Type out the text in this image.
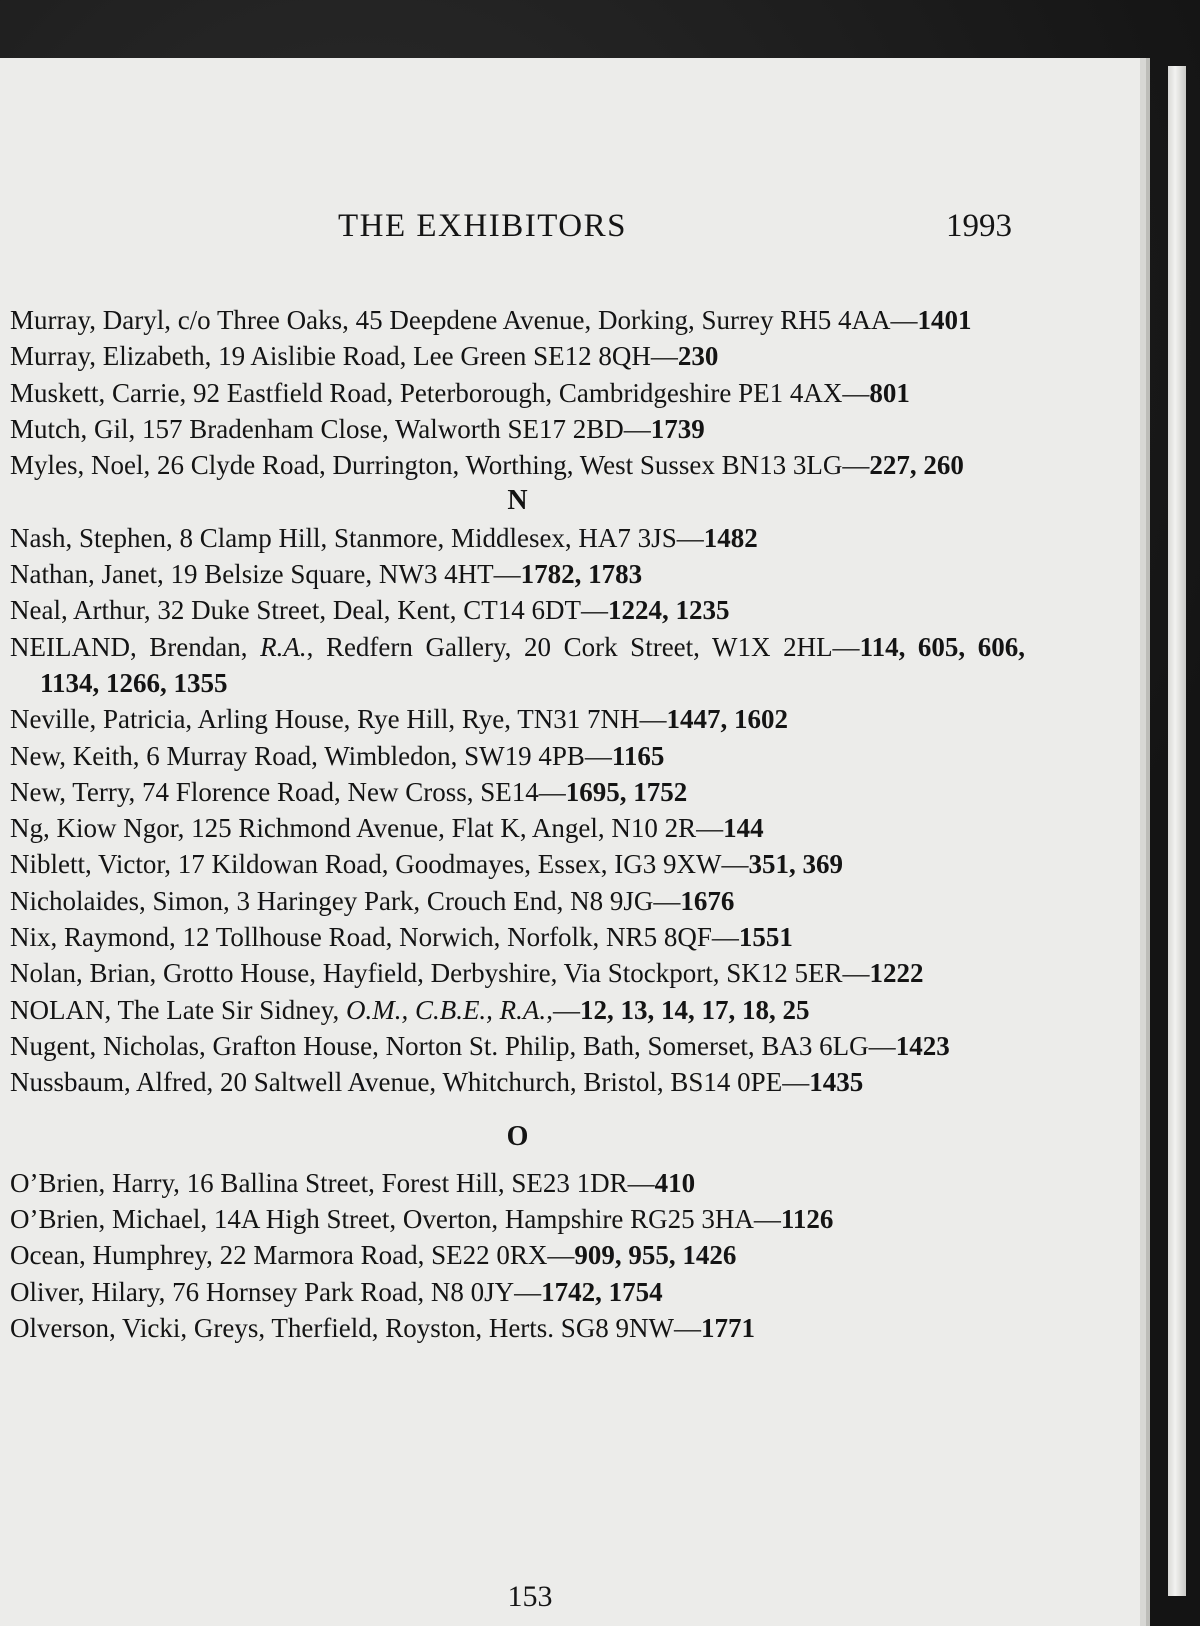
THE EXHIBITORS	1993

Murray, Daryl, c/o Three Oaks, 45 Deepdene Avenue, Dorking, Surrey RH5 4AA—1401

Murray, Elizabeth, 19 Aislibie Road, Lee Green SE12 8QH—230

Muskett, Carrie, 92 Eastfield Road, Peterborough, Cambridgeshire PE1 4AX—801

Mutch, Gil, 157 Bradenham Close, Walworth SE17 2BD—1739

Myles, Noel, 26 Clyde Road, Durrington, Worthing, West Sussex BN13 3LG—227, 260

N

Nash, Stephen, 8 Clamp Hill, Stanmore, Middlesex, HA7 3JS—1482

Nathan, Janet, 19 Belsize Square, NW3 4HT—1782, 1783

Neal, Arthur, 32 Duke Street, Deal, Kent, CT14 6DT—1224, 1235

NEILAND, Brendan, R.A., Redfern Gallery, 20 Cork Street, W1X 2HL—114, 605, 606, 1134, 1266, 1355

Neville, Patricia, Arling House, Rye Hill, Rye, TN31 7NH—1447, 1602

New, Keith, 6 Murray Road, Wimbledon, SW19 4PB—1165

New, Terry, 74 Florence Road, New Cross, SE14—1695, 1752

Ng, Kiow Ngor, 125 Richmond Avenue, Flat K, Angel, N10 2R—144

Niblett, Victor, 17 Kildowan Road, Goodmayes, Essex, IG3 9XW—351, 369

Nicholaides, Simon, 3 Haringey Park, Crouch End, N8 9JG—1676

Nix, Raymond, 12 Tollhouse Road, Norwich, Norfolk, NR5 8QF—1551

Nolan, Brian, Grotto House, Hayfield, Derbyshire, Via Stockport, SK12 5ER—1222

NOLAN, The Late Sir Sidney, O.M., C.B.E., R.A.,—12, 13, 14, 17, 18, 25

Nugent, Nicholas, Grafton House, Norton St. Philip, Bath, Somerset, BA3 6LG—1423

Nussbaum, Alfred, 20 Saltwell Avenue, Whitchurch, Bristol, BS14 0PE—1435

O

O’Brien, Harry, 16 Ballina Street, Forest Hill, SE23 1DR—410

O’Brien, Michael, 14A High Street, Overton, Hampshire RG25 3HA—1126

Ocean, Humphrey, 22 Marmora Road, SE22 0RX—909, 955, 1426

Oliver, Hilary, 76 Hornsey Park Road, N8 0JY—1742, 1754

Olverson, Vicki, Greys, Therfield, Royston, Herts. SG8 9NW—1771

153
